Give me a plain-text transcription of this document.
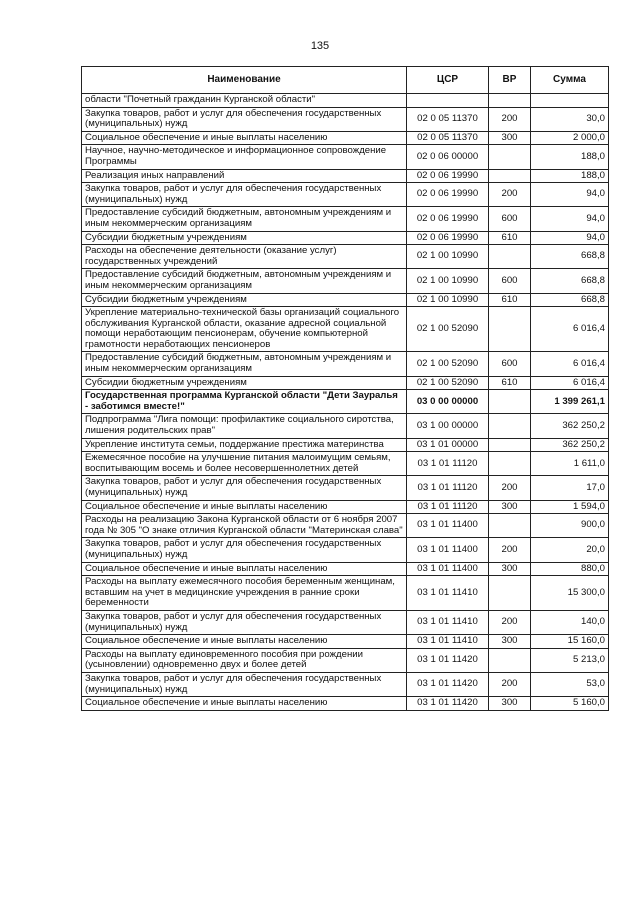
135
Наименование	ЦСР	ВР	Сумма
области "Почетный гражданин Курганской области"			
Закупка товаров, работ и услуг для обеспечения государственных (муниципальных) нужд	02 0 05 11370	200	30,0
Социальное обеспечение и иные выплаты населению	02 0 05 11370	300	2 000,0
Научное, научно-методическое и информационное сопровождение Программы	02 0 06 00000		188,0
Реализация иных направлений	02 0 06 19990		188,0
Закупка товаров, работ и услуг для обеспечения государственных (муниципальных) нужд	02 0 06 19990	200	94,0
Предоставление субсидий бюджетным, автономным учреждениям и иным некоммерческим организациям	02 0 06 19990	600	94,0
Субсидии бюджетным учреждениям	02 0 06 19990	610	94,0
Расходы на обеспечение деятельности (оказание услуг) государственных учреждений	02 1 00 10990		668,8
Предоставление субсидий бюджетным, автономным учреждениям и иным некоммерческим организациям	02 1 00 10990	600	668,8
Субсидии бюджетным учреждениям	02 1 00 10990	610	668,8
Укрепление материально-технической базы организаций социального обслуживания Курганской области, оказание адресной социальной помощи неработающим пенсионерам, обучение компьютерной грамотности неработающих пенсионеров	02 1 00 52090		6 016,4
Предоставление субсидий бюджетным, автономным учреждениям и иным некоммерческим организациям	02 1 00 52090	600	6 016,4
Субсидии бюджетным учреждениям	02 1 00 52090	610	6 016,4
Государственная программа Курганской области "Дети Зауралья - заботимся вместе!"	03 0 00 00000		1 399 261,1
Подпрограмма "Лига помощи: профилактике социального сиротства, лишения родительских прав"	03 1 00 00000		362 250,2
Укрепление института семьи, поддержание престижа материнства	03 1 01 00000		362 250,2
Ежемесячное пособие на улучшение питания малоимущим семьям, воспитывающим восемь и более несовершеннолетних детей	03 1 01 11120		1 611,0
Закупка товаров, работ и услуг для обеспечения государственных (муниципальных) нужд	03 1 01 11120	200	17,0
Социальное обеспечение и иные выплаты населению	03 1 01 11120	300	1 594,0
Расходы на реализацию Закона Курганской области от 6 ноября 2007 года № 305 "О знаке отличия Курганской области "Материнская слава"	03 1 01 11400		900,0
Закупка товаров, работ и услуг для обеспечения государственных (муниципальных) нужд	03 1 01 11400	200	20,0
Социальное обеспечение и иные выплаты населению	03 1 01 11400	300	880,0
Расходы на выплату ежемесячного пособия беременным женщинам, вставшим на учет в медицинские учреждения в ранние сроки беременности	03 1 01 11410		15 300,0
Закупка товаров, работ и услуг для обеспечения государственных (муниципальных) нужд	03 1 01 11410	200	140,0
Социальное обеспечение и иные выплаты населению	03 1 01 11410	300	15 160,0
Расходы на выплату единовременного пособия при рождении (усыновлении) одновременно двух и более детей	03 1 01 11420		5 213,0
Закупка товаров, работ и услуг для обеспечения государственных (муниципальных) нужд	03 1 01 11420	200	53,0
Социальное обеспечение и иные выплаты населению	03 1 01 11420	300	5 160,0
